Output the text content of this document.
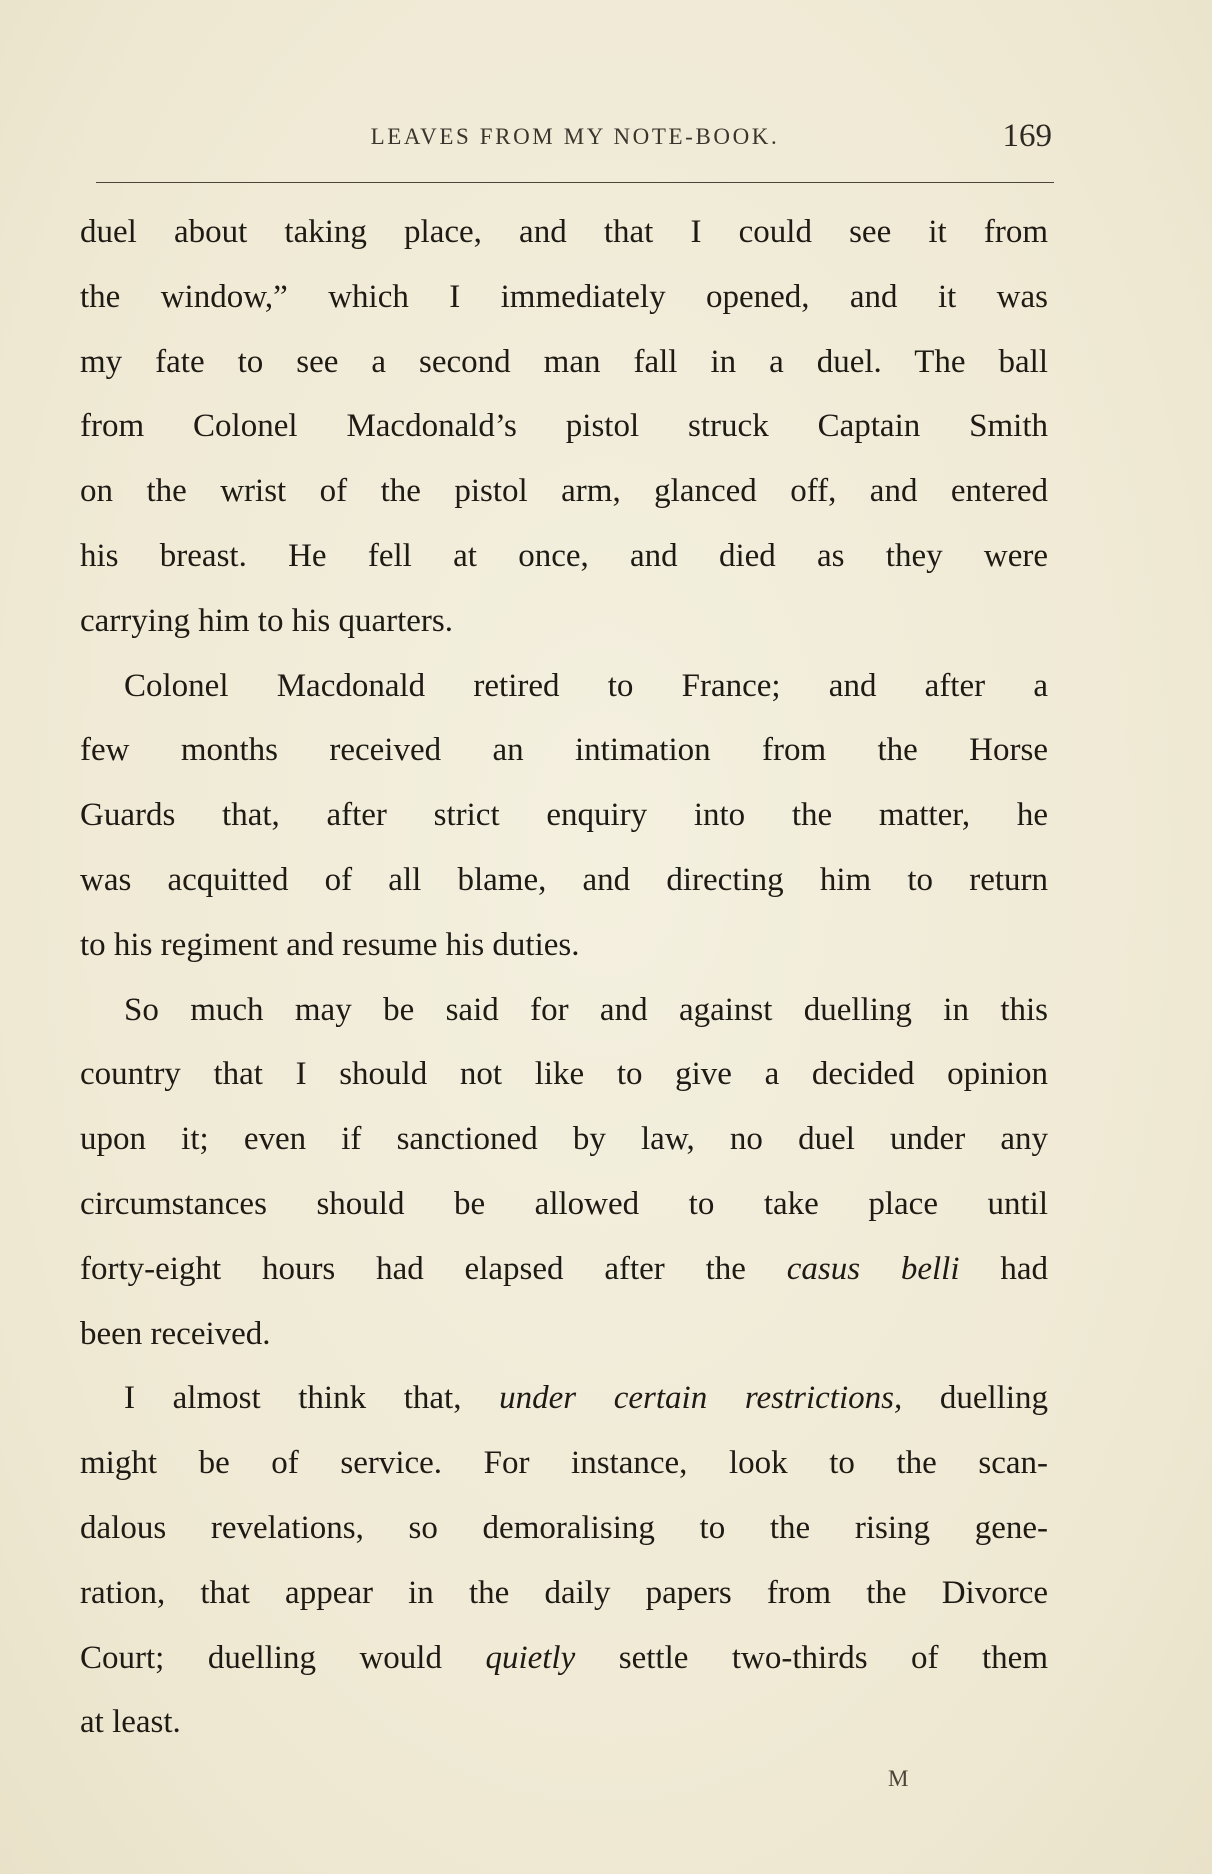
LEAVES FROM MY NOTE-BOOK.	169
duel about taking place, and that I could see it from
the window,” which I immediately opened, and it was
my fate to see a second man fall in a duel. The ball
from Colonel Macdonald’s pistol struck Captain Smith
on the wrist of the pistol arm, glanced off, and entered
his breast. He fell at once, and died as they were
carrying him to his quarters.
Colonel Macdonald retired to France; and after a
few months received an intimation from the Horse
Guards that, after strict enquiry into the matter, he
was acquitted of all blame, and directing him to return
to his regiment and resume his duties.
So much may be said for and against duelling in this
country that I should not like to give a decided opinion
upon it; even if sanctioned by law, no duel under any
circumstances should be allowed to take place until
forty-eight hours had elapsed after the casus belli had
been received.
I almost think that, under certain restrictions, duelling
might be of service. For instance, look to the scan-
dalous revelations, so demoralising to the rising gene-
ration, that appear in the daily papers from the Divorce
Court; duelling would quietly settle two-thirds of them
at least.
M
